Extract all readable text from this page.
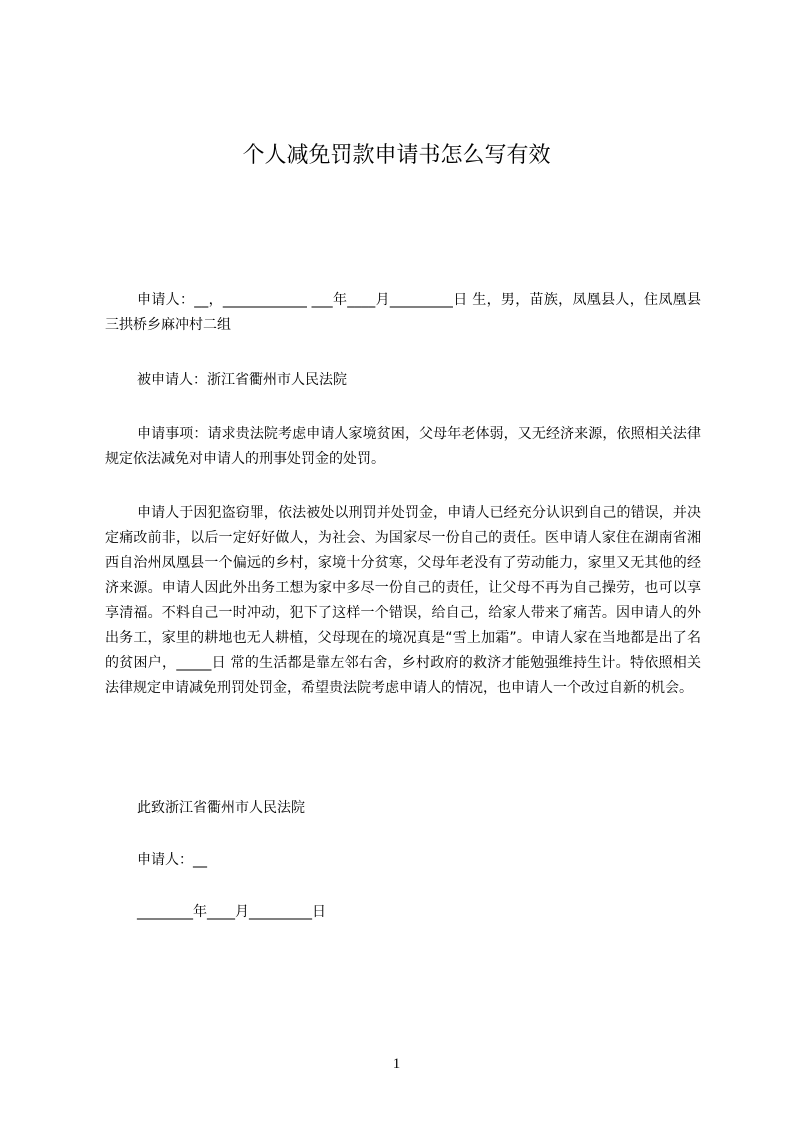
个人减免罚款申请书怎么写有效

申请人：__，____________ ___年____月_________日 生，男，苗族，凤凰县人，住凤凰县三拱桥乡麻冲村二组

被申请人：浙江省衢州市人民法院

申请事项：请求贵法院考虑申请人家境贫困，父母年老体弱，又无经济来源，依照相关法律规定依法减免对申请人的刑事处罚金的处罚。

申请人于因犯盗窃罪，依法被处以刑罚并处罚金，申请人已经充分认识到自己的错误，并决定痛改前非，以后一定好好做人，为社会、为国家尽一份自己的责任。医申请人家住在湖南省湘西自治州凤凰县一个偏远的乡村，家境十分贫寒，父母年老没有了劳动能力，家里又无其他的经济来源。申请人因此外出务工想为家中多尽一份自己的责任，让父母不再为自己操劳，也可以享享清福。不料自己一时冲动，犯下了这样一个错误，给自己，给家人带来了痛苦。因申请人的外出务工，家里的耕地也无人耕植，父母现在的境况真是“雪上加霜”。申请人家在当地都是出了名的贫困户，_____日 常的生活都是靠左邻右舍，乡村政府的救济才能勉强维持生计。特依照相关法律规定申请减免刑罚处罚金，希望贵法院考虑申请人的情况，也申请人一个改过自新的机会。

此致浙江省衢州市人民法院

申请人：__

________年____月_________日

1
